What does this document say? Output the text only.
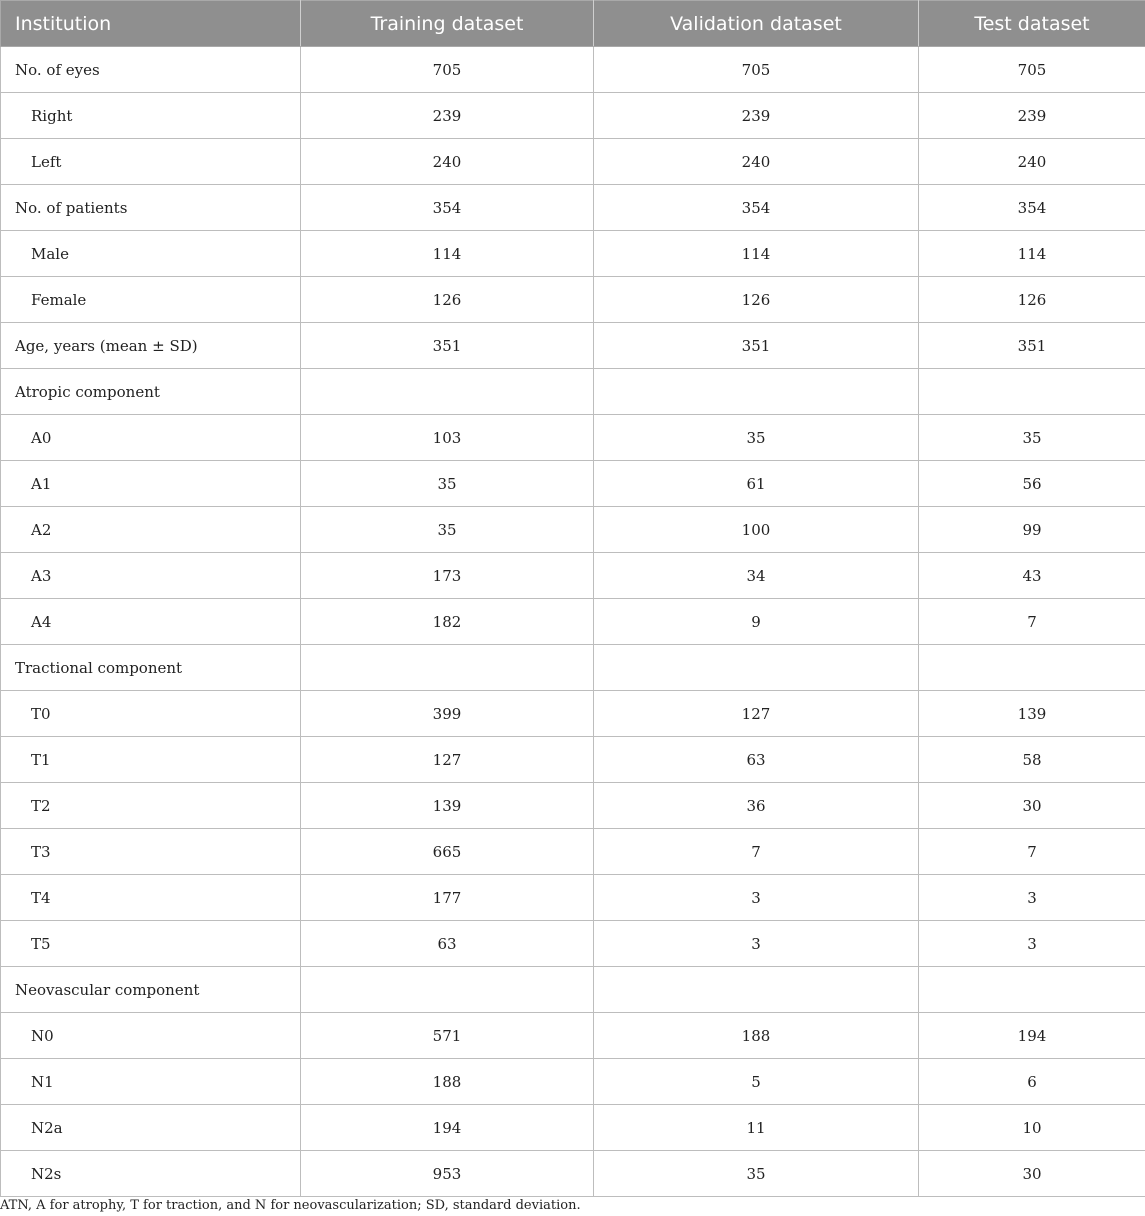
Institution	Training dataset	Validation dataset	Test dataset
No. of eyes	705	705	705
Right	239	239	239
Left	240	240	240
No. of patients	354	354	354
Male	114	114	114
Female	126	126	126
Age, years (mean ± SD)	351	351	351
Atropic component			
A0	103	35	35
A1	35	61	56
A2	35	100	99
A3	173	34	43
A4	182	9	7
Tractional component			
T0	399	127	139
T1	127	63	58
T2	139	36	30
T3	665	7	7
T4	177	3	3
T5	63	3	3
Neovascular component			
N0	571	188	194
N1	188	5	6
N2a	194	11	10
N2s	953	35	30
ATN, A for atrophy, T for traction, and N for neovascularization; SD, standard deviation.
